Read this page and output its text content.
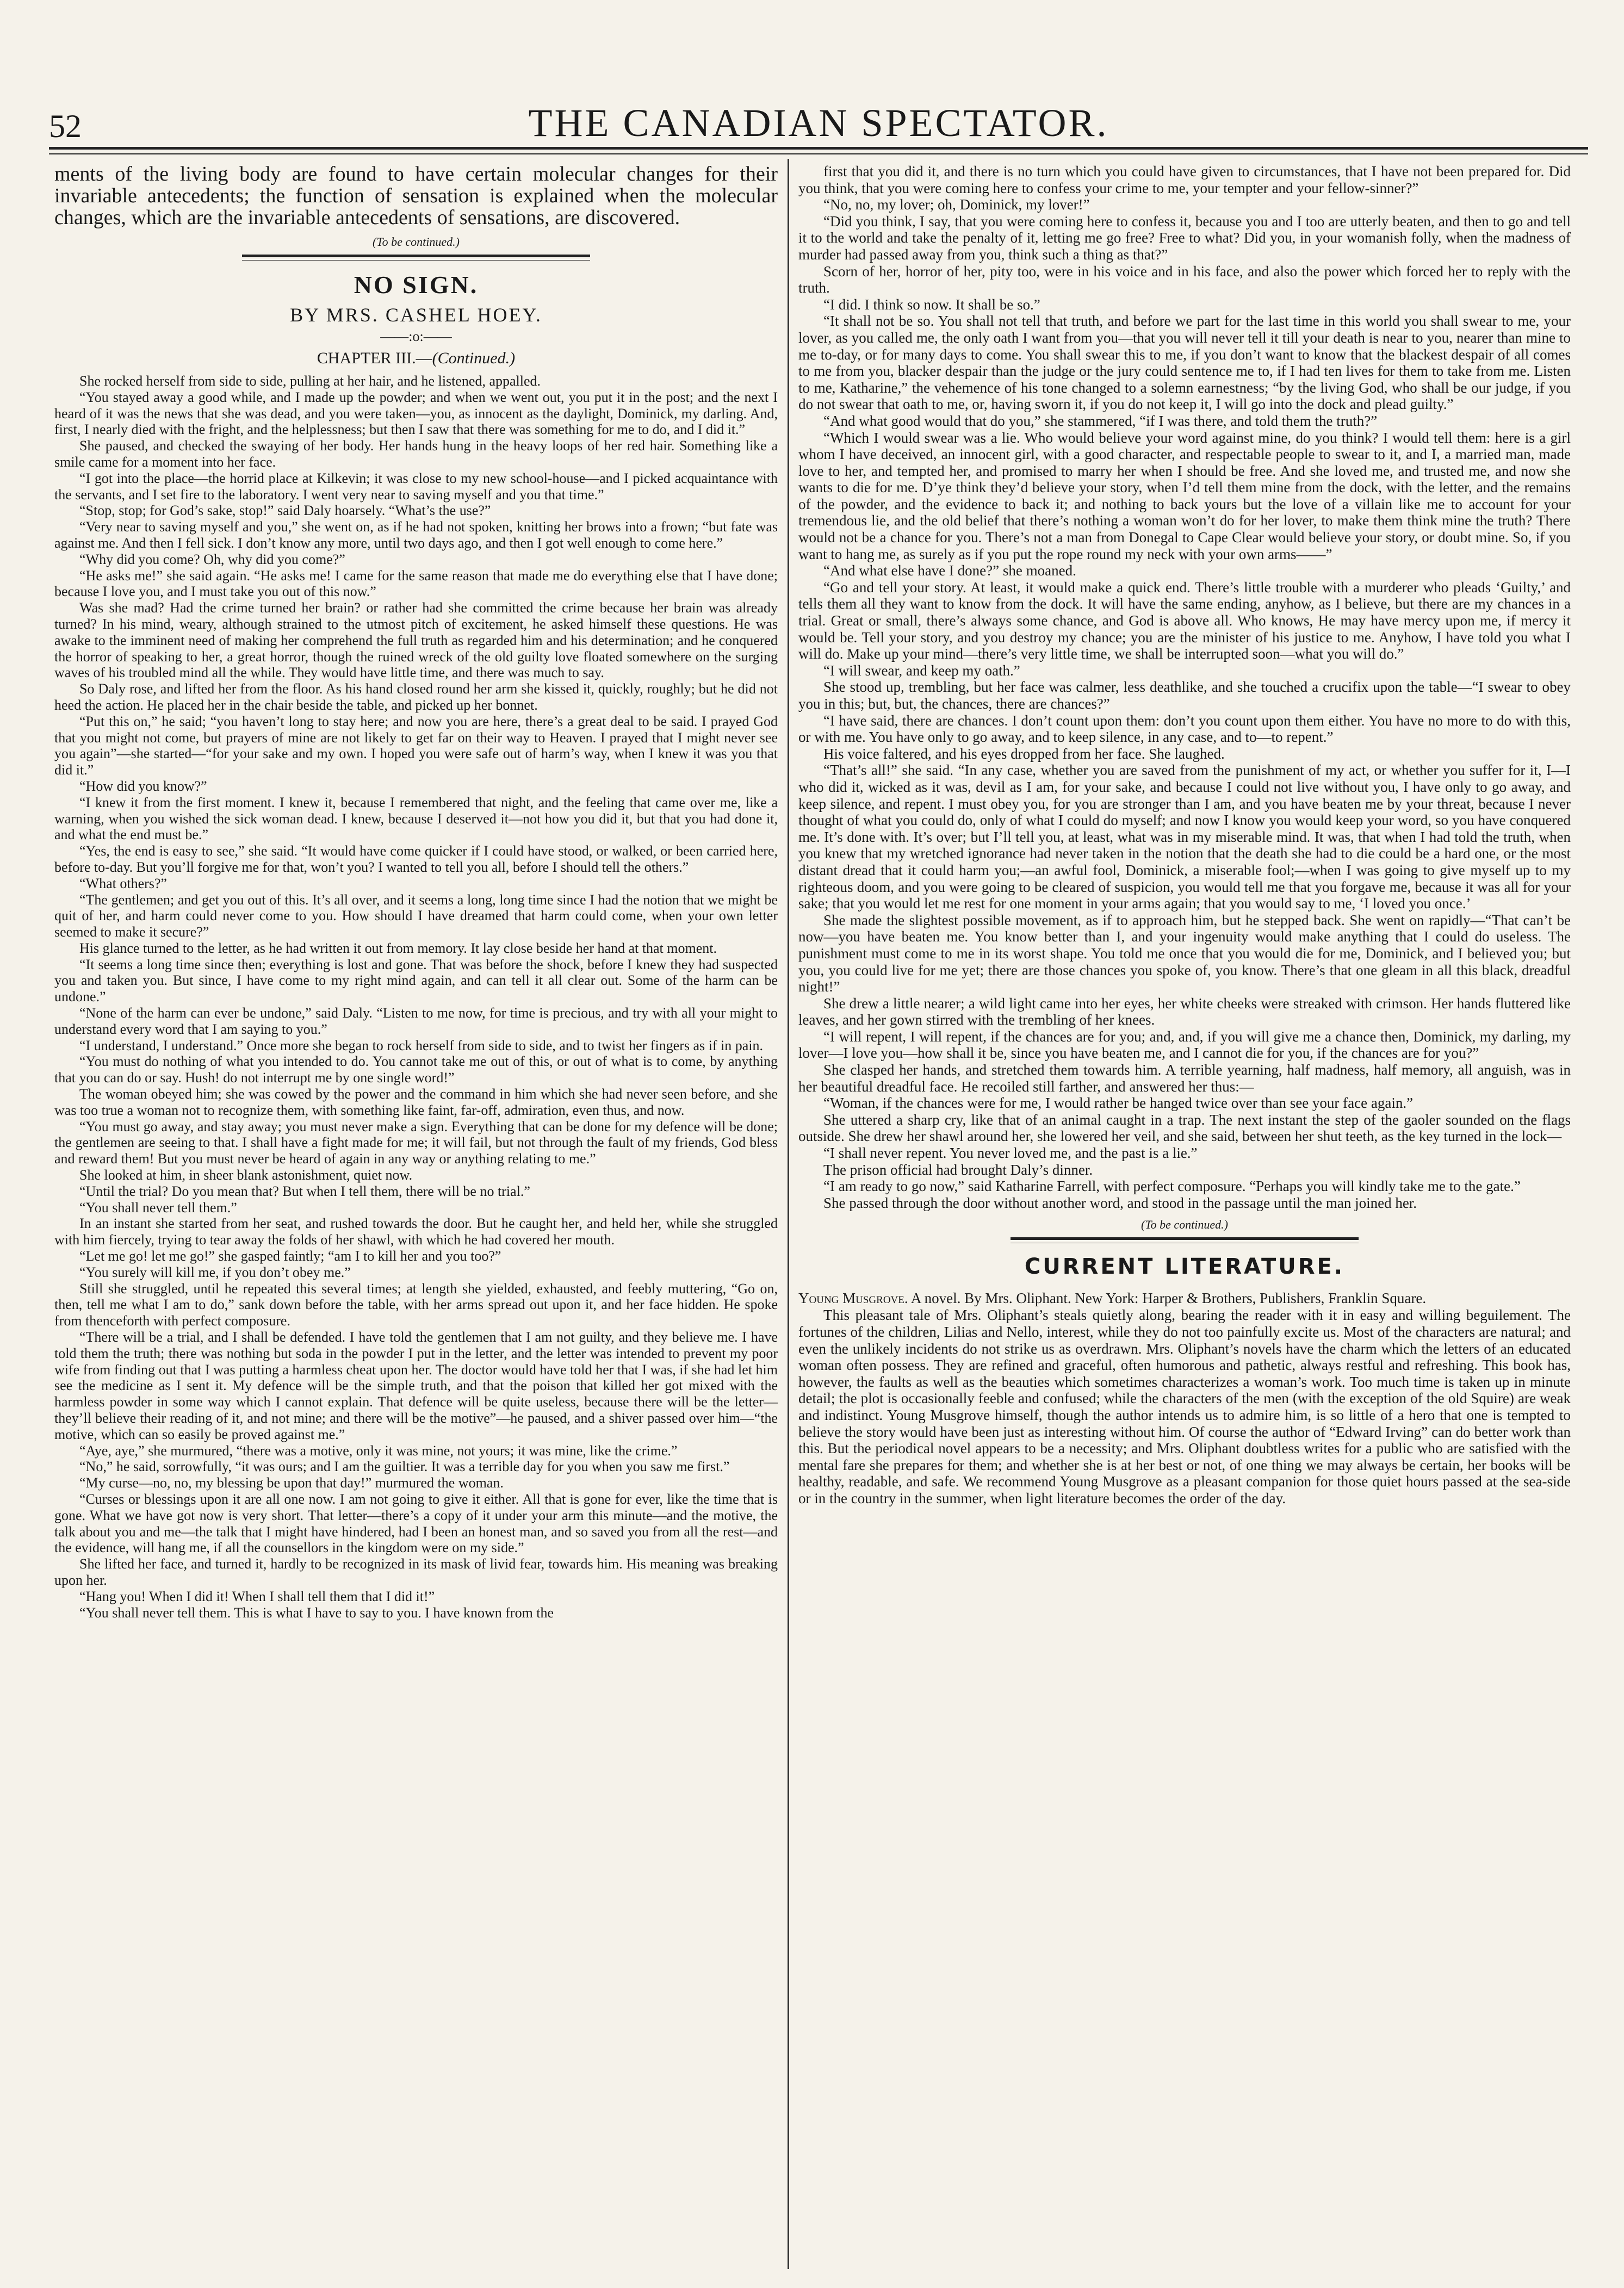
52	THE CANADIAN SPECTATOR.

ments of the living body are found to have certain molecular changes for their invariable antecedents; the function of sensation is explained when the molecular changes, which are the invariable antecedents of sensations, are discovered.

(To be continued.)
NO SIGN.
BY MRS. CASHEL HOEY.
——:o:——
CHAPTER III.—(Continued.)

She rocked herself from side to side, pulling at her hair, and he listened, appalled.

“You stayed away a good while, and I made up the powder; and when we went out, you put it in the post; and the next I heard of it was the news that she was dead, and you were taken—you, as innocent as the daylight, Dominick, my darling. And, first, I nearly died with the fright, and the helplessness; but then I saw that there was something for me to do, and I did it.”

She paused, and checked the swaying of her body. Her hands hung in the heavy loops of her red hair. Something like a smile came for a moment into her face.

“I got into the place—the horrid place at Kilkevin; it was close to my new school-house—and I picked acquaintance with the servants, and I set fire to the laboratory. I went very near to saving myself and you that time.”

“Stop, stop; for God’s sake, stop!” said Daly hoarsely. “What’s the use?”

“Very near to saving myself and you,” she went on, as if he had not spoken, knitting her brows into a frown; “but fate was against me. And then I fell sick. I don’t know any more, until two days ago, and then I got well enough to come here.”

“Why did you come? Oh, why did you come?”

“He asks me!” she said again. “He asks me! I came for the same reason that made me do everything else that I have done; because I love you, and I must take you out of this now.”

Was she mad? Had the crime turned her brain? or rather had she committed the crime because her brain was already turned? In his mind, weary, although strained to the utmost pitch of excitement, he asked himself these questions. He was awake to the imminent need of making her comprehend the full truth as regarded him and his determination; and he conquered the horror of speaking to her, a great horror, though the ruined wreck of the old guilty love floated somewhere on the surging waves of his troubled mind all the while. They would have little time, and there was much to say.

So Daly rose, and lifted her from the floor. As his hand closed round her arm she kissed it, quickly, roughly; but he did not heed the action. He placed her in the chair beside the table, and picked up her bonnet.

“Put this on,” he said; “you haven’t long to stay here; and now you are here, there’s a great deal to be said. I prayed God that you might not come, but prayers of mine are not likely to get far on their way to Heaven. I prayed that I might never see you again”—she started—“for your sake and my own. I hoped you were safe out of harm’s way, when I knew it was you that did it.”

“How did you know?”

“I knew it from the first moment. I knew it, because I remembered that night, and the feeling that came over me, like a warning, when you wished the sick woman dead. I knew, because I deserved it—not how you did it, but that you had done it, and what the end must be.”

“Yes, the end is easy to see,” she said. “It would have come quicker if I could have stood, or walked, or been carried here, before to-day. But you’ll forgive me for that, won’t you? I wanted to tell you all, before I should tell the others.”

“What others?”

“The gentlemen; and get you out of this. It’s all over, and it seems a long, long time since I had the notion that we might be quit of her, and harm could never come to you. How should I have dreamed that harm could come, when your own letter seemed to make it secure?”

His glance turned to the letter, as he had written it out from memory. It lay close beside her hand at that moment.

“It seems a long time since then; everything is lost and gone. That was before the shock, before I knew they had suspected you and taken you. But since, I have come to my right mind again, and can tell it all clear out. Some of the harm can be undone.”

“None of the harm can ever be undone,” said Daly. “Listen to me now, for time is precious, and try with all your might to understand every word that I am saying to you.”

“I understand, I understand.” Once more she began to rock herself from side to side, and to twist her fingers as if in pain.

“You must do nothing of what you intended to do. You cannot take me out of this, or out of what is to come, by anything that you can do or say. Hush! do not interrupt me by one single word!”

The woman obeyed him; she was cowed by the power and the command in him which she had never seen before, and she was too true a woman not to recognize them, with something like faint, far-off, admiration, even thus, and now.

“You must go away, and stay away; you must never make a sign. Everything that can be done for my defence will be done; the gentlemen are seeing to that. I shall have a fight made for me; it will fail, but not through the fault of my friends, God bless and reward them! But you must never be heard of again in any way or anything relating to me.”

She looked at him, in sheer blank astonishment, quiet now.

“Until the trial? Do you mean that? But when I tell them, there will be no trial.”

“You shall never tell them.”

In an instant she started from her seat, and rushed towards the door. But he caught her, and held her, while she struggled with him fiercely, trying to tear away the folds of her shawl, with which he had covered her mouth.

“Let me go! let me go!” she gasped faintly; “am I to kill her and you too?”

“You surely will kill me, if you don’t obey me.”

Still she struggled, until he repeated this several times; at length she yielded, exhausted, and feebly muttering, “Go on, then, tell me what I am to do,” sank down before the table, with her arms spread out upon it, and her face hidden. He spoke from thenceforth with perfect composure.

“There will be a trial, and I shall be defended. I have told the gentlemen that I am not guilty, and they believe me. I have told them the truth; there was nothing but soda in the powder I put in the letter, and the letter was intended to prevent my poor wife from finding out that I was putting a harmless cheat upon her. The doctor would have told her that I was, if she had let him see the medicine as I sent it. My defence will be the simple truth, and that the poison that killed her got mixed with the harmless powder in some way which I cannot explain. That defence will be quite useless, because there will be the letter—they’ll believe their reading of it, and not mine; and there will be the motive”—he paused, and a shiver passed over him—“the motive, which can so easily be proved against me.”

“Aye, aye,” she murmured, “there was a motive, only it was mine, not yours; it was mine, like the crime.”

“No,” he said, sorrowfully, “it was ours; and I am the guiltier. It was a terrible day for you when you saw me first.”

“My curse—no, no, my blessing be upon that day!” murmured the woman.

“Curses or blessings upon it are all one now. I am not going to give it either. All that is gone for ever, like the time that is gone. What we have got now is very short. That letter—there’s a copy of it under your arm this minute—and the motive, the talk about you and me—the talk that I might have hindered, had I been an honest man, and so saved you from all the rest—and the evidence, will hang me, if all the counsellors in the kingdom were on my side.”

She lifted her face, and turned it, hardly to be recognized in its mask of livid fear, towards him. His meaning was breaking upon her.

“Hang you! When I did it! When I shall tell them that I did it!”

“You shall never tell them. This is what I have to say to you. I have known from the

first that you did it, and there is no turn which you could have given to circumstances, that I have not been prepared for. Did you think, that you were coming here to confess your crime to me, your tempter and your fellow-sinner?”

“No, no, my lover; oh, Dominick, my lover!”

“Did you think, I say, that you were coming here to confess it, because you and I too are utterly beaten, and then to go and tell it to the world and take the penalty of it, letting me go free? Free to what? Did you, in your womanish folly, when the madness of murder had passed away from you, think such a thing as that?”

Scorn of her, horror of her, pity too, were in his voice and in his face, and also the power which forced her to reply with the truth.

“I did. I think so now. It shall be so.”

“It shall not be so. You shall not tell that truth, and before we part for the last time in this world you shall swear to me, your lover, as you called me, the only oath I want from you—that you will never tell it till your death is near to you, nearer than mine to me to-day, or for many days to come. You shall swear this to me, if you don’t want to know that the blackest despair of all comes to me from you, blacker despair than the judge or the jury could sentence me to, if I had ten lives for them to take from me. Listen to me, Katharine,” the vehemence of his tone changed to a solemn earnestness; “by the living God, who shall be our judge, if you do not swear that oath to me, or, having sworn it, if you do not keep it, I will go into the dock and plead guilty.”

“And what good would that do you,” she stammered, “if I was there, and told them the truth?”

“Which I would swear was a lie. Who would believe your word against mine, do you think? I would tell them: here is a girl whom I have deceived, an innocent girl, with a good character, and respectable people to swear to it, and I, a married man, made love to her, and tempted her, and promised to marry her when I should be free. And she loved me, and trusted me, and now she wants to die for me. D’ye think they’d believe your story, when I’d tell them mine from the dock, with the letter, and the remains of the powder, and the evidence to back it; and nothing to back yours but the love of a villain like me to account for your tremendous lie, and the old belief that there’s nothing a woman won’t do for her lover, to make them think mine the truth? There would not be a chance for you. There’s not a man from Donegal to Cape Clear would believe your story, or doubt mine. So, if you want to hang me, as surely as if you put the rope round my neck with your own arms——”

“And what else have I done?” she moaned.

“Go and tell your story. At least, it would make a quick end. There’s little trouble with a murderer who pleads ‘Guilty,’ and tells them all they want to know from the dock. It will have the same ending, anyhow, as I believe, but there are my chances in a trial. Great or small, there’s always some chance, and God is above all. Who knows, He may have mercy upon me, if mercy it would be. Tell your story, and you destroy my chance; you are the minister of his justice to me. Anyhow, I have told you what I will do. Make up your mind—there’s very little time, we shall be interrupted soon—what you will do.”

“I will swear, and keep my oath.”

She stood up, trembling, but her face was calmer, less deathlike, and she touched a crucifix upon the table—“I swear to obey you in this; but, but, the chances, there are chances?”

“I have said, there are chances. I don’t count upon them: don’t you count upon them either. You have no more to do with this, or with me. You have only to go away, and to keep silence, in any case, and to—to repent.”

His voice faltered, and his eyes dropped from her face. She laughed.

“That’s all!” she said. “In any case, whether you are saved from the punishment of my act, or whether you suffer for it, I—I who did it, wicked as it was, devil as I am, for your sake, and because I could not live without you, I have only to go away, and keep silence, and repent. I must obey you, for you are stronger than I am, and you have beaten me by your threat, because I never thought of what you could do, only of what I could do myself; and now I know you would keep your word, so you have conquered me. It’s done with. It’s over; but I’ll tell you, at least, what was in my miserable mind. It was, that when I had told the truth, when you knew that my wretched ignorance had never taken in the notion that the death she had to die could be a hard one, or the most distant dread that it could harm you;—an awful fool, Dominick, a miserable fool;—when I was going to give myself up to my righteous doom, and you were going to be cleared of suspicion, you would tell me that you forgave me, because it was all for your sake; that you would let me rest for one moment in your arms again; that you would say to me, ‘I loved you once.’

She made the slightest possible movement, as if to approach him, but he stepped back. She went on rapidly—“That can’t be now—you have beaten me. You know better than I, and your ingenuity would make anything that I could do useless. The punishment must come to me in its worst shape. You told me once that you would die for me, Dominick, and I believed you; but you, you could live for me yet; there are those chances you spoke of, you know. There’s that one gleam in all this black, dreadful night!”

She drew a little nearer; a wild light came into her eyes, her white cheeks were streaked with crimson. Her hands fluttered like leaves, and her gown stirred with the trembling of her knees.

“I will repent, I will repent, if the chances are for you; and, and, if you will give me a chance then, Dominick, my darling, my lover—I love you—how shall it be, since you have beaten me, and I cannot die for you, if the chances are for you?”

She clasped her hands, and stretched them towards him. A terrible yearning, half madness, half memory, all anguish, was in her beautiful dreadful face. He recoiled still farther, and answered her thus:—

“Woman, if the chances were for me, I would rather be hanged twice over than see your face again.”

She uttered a sharp cry, like that of an animal caught in a trap. The next instant the step of the gaoler sounded on the flags outside. She drew her shawl around her, she lowered her veil, and she said, between her shut teeth, as the key turned in the lock—

“I shall never repent. You never loved me, and the past is a lie.”

The prison official had brought Daly’s dinner.

“I am ready to go now,” said Katharine Farrell, with perfect composure. “Perhaps you will kindly take me to the gate.”

She passed through the door without another word, and stood in the passage until the man joined her.

(To be continued.)
CURRENT LITERATURE.

Young Musgrove. A novel. By Mrs. Oliphant. New York: Harper & Brothers, Publishers, Franklin Square.

This pleasant tale of Mrs. Oliphant’s steals quietly along, bearing the reader with it in easy and willing beguilement. The fortunes of the children, Lilias and Nello, interest, while they do not too painfully excite us. Most of the characters are natural; and even the unlikely incidents do not strike us as overdrawn. Mrs. Oliphant’s novels have the charm which the letters of an educated woman often possess. They are refined and graceful, often humorous and pathetic, always restful and refreshing. This book has, however, the faults as well as the beauties which sometimes characterizes a woman’s work. Too much time is taken up in minute detail; the plot is occasionally feeble and confused; while the characters of the men (with the exception of the old Squire) are weak and indistinct. Young Musgrove himself, though the author intends us to admire him, is so little of a hero that one is tempted to believe the story would have been just as interesting without him. Of course the author of “Edward Irving” can do better work than this. But the periodical novel appears to be a necessity; and Mrs. Oliphant doubtless writes for a public who are satisfied with the mental fare she prepares for them; and whether she is at her best or not, of one thing we may always be certain, her books will be healthy, readable, and safe. We recommend Young Musgrove as a pleasant companion for those quiet hours passed at the sea-side or in the country in the summer, when light literature becomes the order of the day.
